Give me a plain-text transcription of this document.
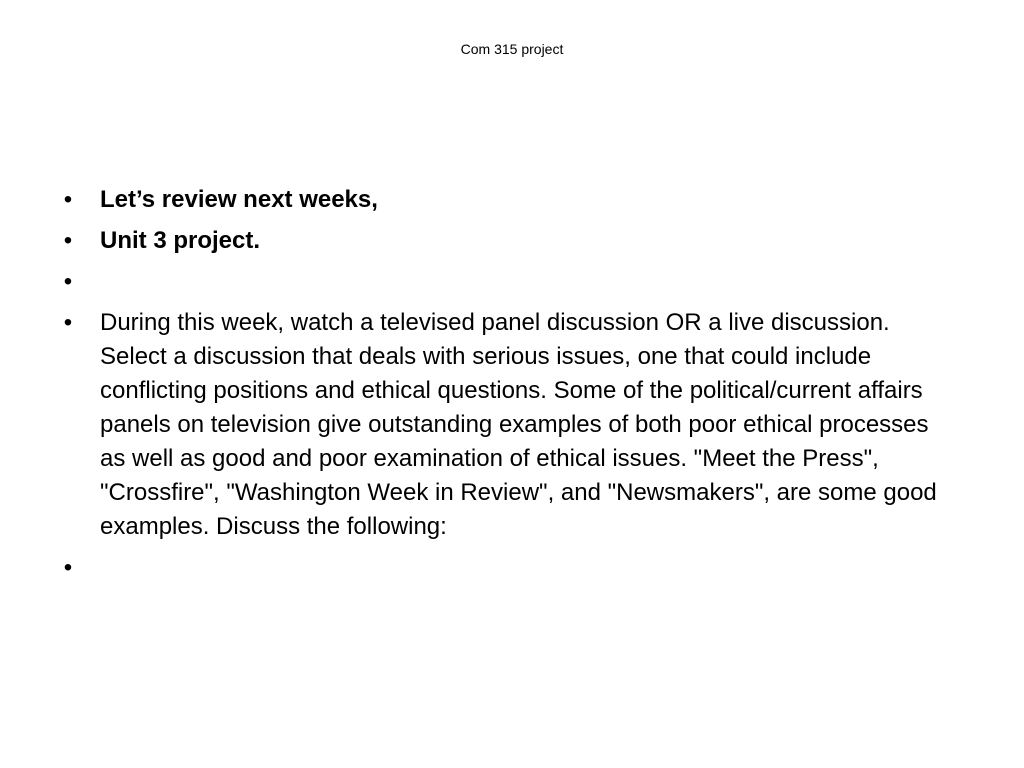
Com 315 project
• Let’s review next weeks,
• Unit 3 project.
•
• During this week, watch a televised panel discussion OR a live discussion. Select a discussion that deals with serious issues, one that could include conflicting positions and ethical questions. Some of the political/current affairs panels on television give outstanding examples of both poor ethical processes as well as good and poor examination of ethical issues. "Meet the Press", "Crossfire", "Washington Week in Review", and "Newsmakers", are some good examples. Discuss the following:
•
